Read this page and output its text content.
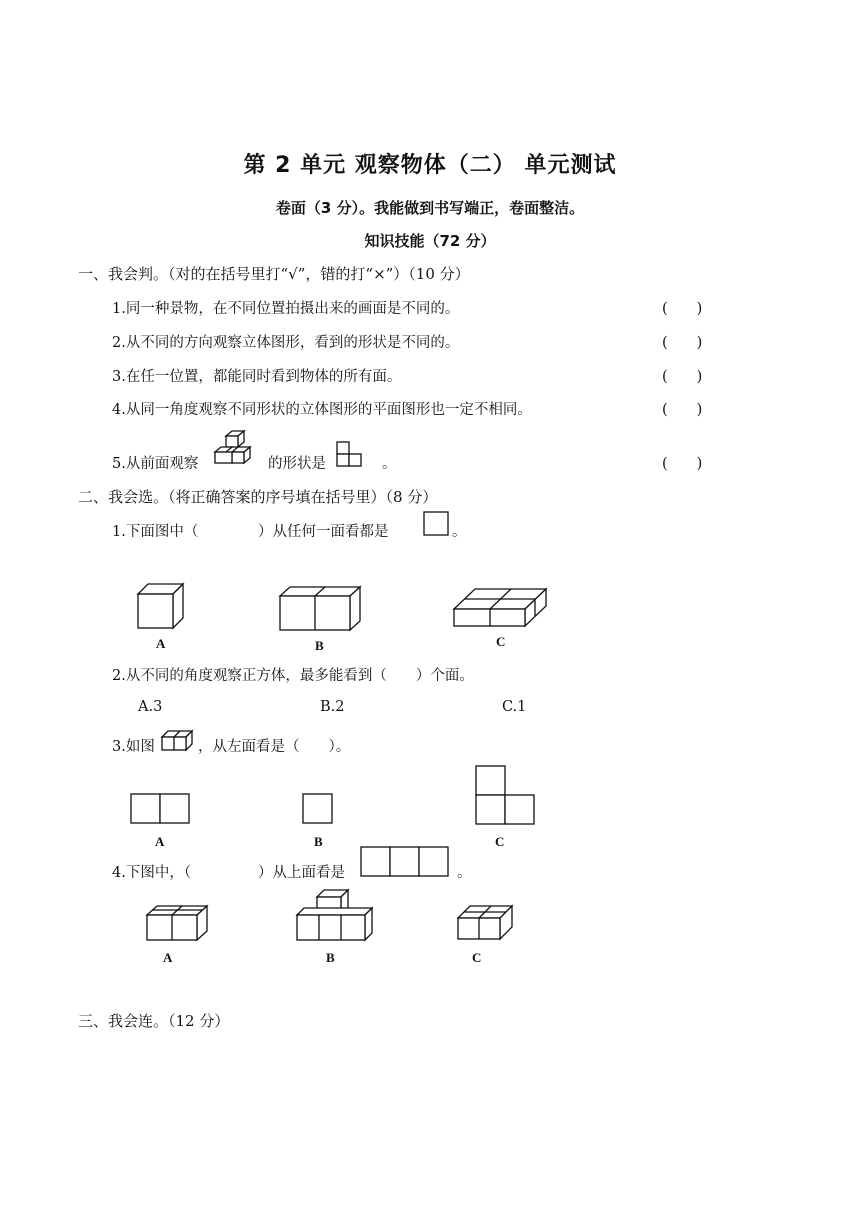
第 2 单元 观察物体（二） 单元测试
卷面（3 分）。我能做到书写端正，卷面整洁。
知识技能（72 分）
一、我会判。（对的在括号里打“√”，错的打“×”）（10 分）
1.同一种景物，在不同位置拍摄出来的画面是不同的。	(　　)
2.从不同的方向观察立体图形，看到的形状是不同的。	(　　)
3.在任一位置，都能同时看到物体的所有面。	(　　)
4.从同一角度观察不同形状的立体图形的平面图形也一定不相同。	(　　)
5.从前面观察	的形状是	。	(　　)
二、我会选。（将正确答案的序号填在括号里）（8 分）
1.下面图中（	）从任何一面看都是	。
A	B	C
2.从不同的角度观察正方体，最多能看到（　　）个面。
A.3	B.2	C.1
3.如图	，从左面看是（　　）。
A	B	C
4.下图中，（	）从上面看是	。
A	B	C
三、我会连。（12 分）
